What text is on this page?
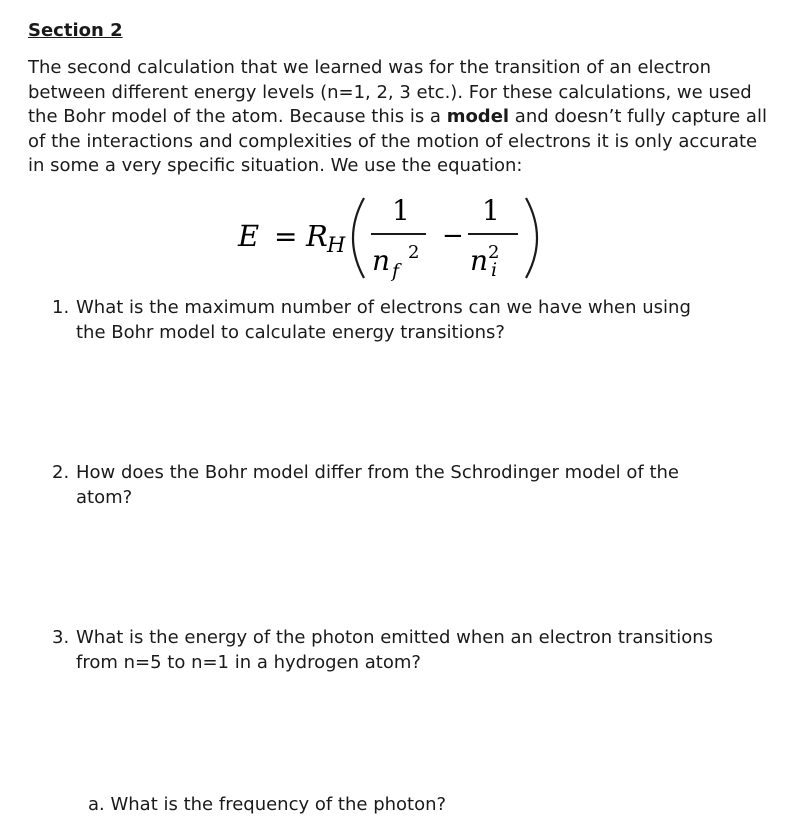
Section 2

The second calculation that we learned was for the transition of an electron between different energy levels (n=1, 2, 3 etc.). For these calculations, we used the Bohr model of the atom. Because this is a model and doesn’t fully capture all of the interactions and complexities of the motion of electrons it is only accurate in some a very specific situation. We use the equation:

E = R H
1
n f
2
−
1
n 2
i

1. What is the maximum number of electrons can we have when using
the Bohr model to calculate energy transitions?

2. How does the Bohr model differ from the Schrodinger model of the
atom?

3. What is the energy of the photon emitted when an electron transitions
from n=5 to n=1 in a hydrogen atom?

a. What is the frequency of the photon?
